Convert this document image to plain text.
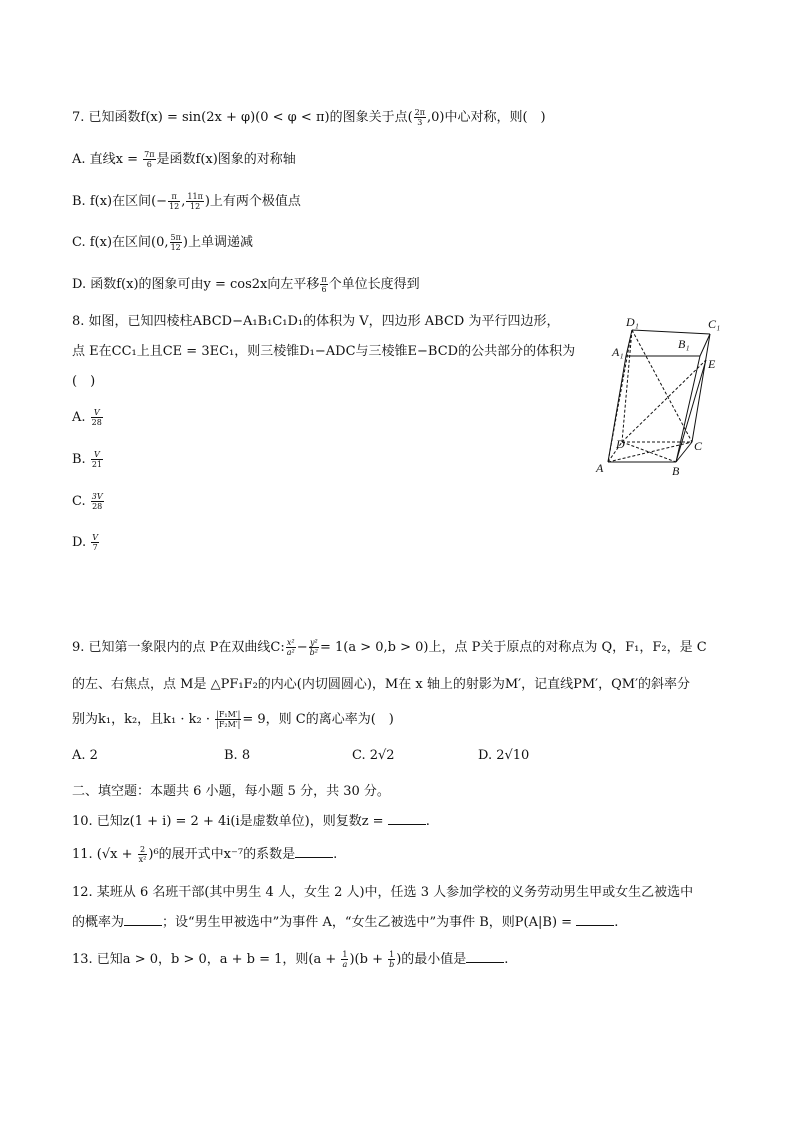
7. 已知函数f(x) = sin(2x + φ)(0 < φ < π)的图象关于点( $\frac{2\pi}{3} ,0$)中心对称，则(　)
A. 直线$x = \frac{7\pi}{6}$ 是函数f(x)图象的对称轴
B. f(x)在区间(− $\frac{\pi}{12}$ , $\frac{11\pi}{12}$ )上有两个极值点
C. f(x)在区间(0, $\frac{5\pi}{12}$ )上单调递减
D. 函数f(x)的图象可由y = cos2x向左平移 $\frac{\pi}{6}$ 个单位长度得到
8. 如图，已知四棱柱ABCD−A₁B₁C₁D₁的体积为 V，四边形 ABCD 为平行四边形，
点 E在CC₁上且CE = 3EC₁，则三棱锥D₁−ADC与三棱锥E−BCD的公共部分的体积为
(　)
A. $\frac{V}{28}$
B. $\frac{V}{21}$
C. $\frac{3V}{28}$
D. $\frac{V}{7}$
D₁	C₁
A₁
B₁
E
D	C
A	B
9. 已知第一象限内的点 P在双曲线C: $\frac{\text{x²}}{\text{a²}} - \frac{\text{y²}}{\text{b²}} = 1(a > 0,b > 0)$上，点 P关于原点的对称点为 Q，F₁，F₂，是 C
的左、右焦点，点 M是 △PF₁F₂的内心(内切圆圆心)，M在 x 轴上的射影为M′，记直线PM′，QM′的斜率分
别为k₁，k₂，且$k_1 \cdot k_2 \cdot \frac{\text{|F₁M′|}}{\text{|F₂M′|}} = 9$，则 C的离心率为(　)
A. 2	B. 8	C. 2√2	D. 2√10
二、填空题：本题共 6 小题，每小题 5 分，共 30 分。
10. 已知z(1 + i) = 2 + 4i(i是虚数单位)，则复数z =	.
11. $(√x + \frac{2}{\text{x²}} )^6$的展开式中x⁻⁷的系数是	.
12. 某班从 6 名班干部(其中男生 4 人，女生 2 人)中，任选 3 人参加学校的义务劳动男生甲或女生乙被选中
的概率为	；设“男生甲被选中”为事件 A，“女生乙被选中”为事件 B，则P(A|B) =	.
13. 已知a > 0，b > 0，a + b = 1，则$(a + \frac{1}{a} )(b + \frac{1}{b}$ )的最小值是	.
